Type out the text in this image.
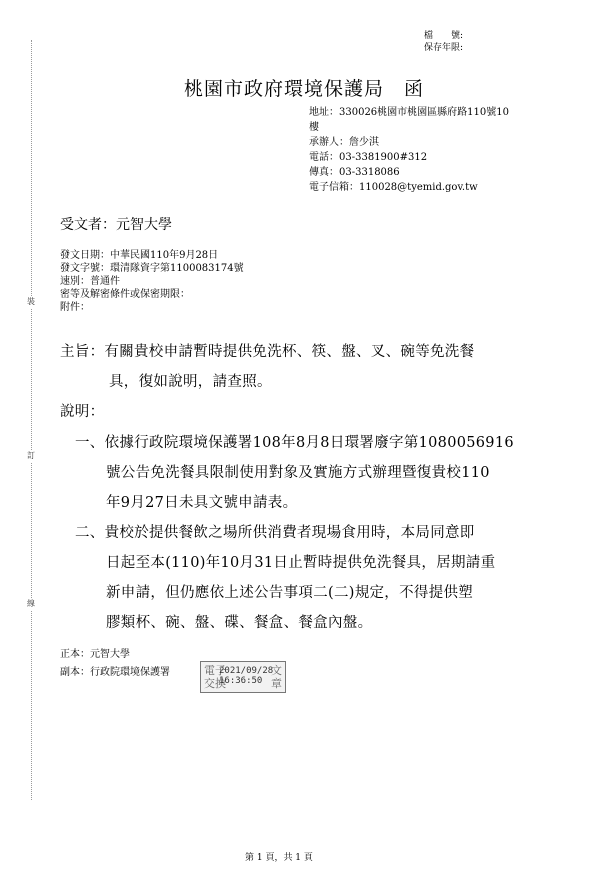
裝
訂
線
檔　　號:
保存年限:
桃園市政府環境保護局　函
地址：330026桃園市桃園區縣府路110號10
樓
承辦人：詹少淇
電話：03-3381900#312
傳真：03-3318086
電子信箱：110028@tyemid.gov.tw
受文者：元智大學
發文日期：中華民國110年9月28日
發文字號：環清隊資字第1100083174號
速別：普通件
密等及解密條件或保密期限：
附件：
主旨：有關貴校申請暫時提供免洗杯、筷、盤、叉、碗等免洗餐
具，復如說明，請查照。
說明：
一、依據行政院環境保護署108年8月8日環署廢字第1080056916
號公告免洗餐具限制使用對象及實施方式辦理暨復貴校110
年9月27日未具文號申請表。
二、貴校於提供餐飲之場所供消費者現場食用時，本局同意即
日起至本(110)年10月31日止暫時提供免洗餐具，居期請重
新申請，但仍應依上述公告事項二(二)規定，不得提供塑
膠類杯、碗、盤、碟、餐盒、餐盒內盤。
正本：元智大學
副本：行政院環境保護署	電子
交換
2021/09/28
16:36:50
文
章
第 1 頁，共 1 頁
